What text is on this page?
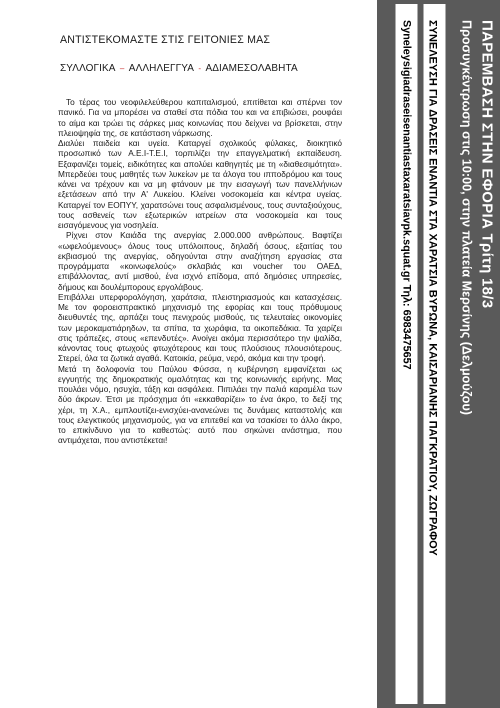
ΑΝΤΙΣΤΕΚΟΜΑΣΤΕ ΣΤΙΣ ΓΕΙΤΟΝΙΕΣ ΜΑΣ
ΣΥΛΛΟΓΙΚΑ – ΑΛΛΗΛΕΓΓΥΑ - ΑΔΙΑΜΕΣΟΛΑΒΗΤΑ

Το τέρας του νεοφιλελεύθερου καπιταλισμού, επιτίθεται και σπέρνει τον πανικό. Για να μπορέσει να σταθεί στα πόδια του και να επιβιώσει, ρουφάει το αίμα και τρώει τις σάρκες μιας κοινωνίας που δείχνει να βρίσκεται, στην πλειοψηφία της, σε κατάσταση νάρκωσης.

Διαλύει παιδεία και υγεία. Καταργεί σχολικούς φύλακες, διοικητικό προσωπικό των Α.Ε.Ι-Τ.Ε.Ι, τορπιλίζει την επαγγελματική εκπαίδευση. Εξαφανίζει τομείς, ειδικότητες και απολύει καθηγητές με τη «διαθεσιμότητα». Μπερδεύει τους μαθητές των λυκείων με τα άλογα του ιπποδρόμου και τους κάνει να τρέχουν και να μη φτάνουν με την εισαγωγή των πανελλήνιων εξετάσεων από την Α' Λυκείου. Κλείνει νοσοκομεία και κέντρα υγείας. Καταργεί τον ΕΟΠΥΥ, χαρατσώνει τους ασφαλισμένους, τους συνταξιούχους, τους ασθενείς των εξωτερικών ιατρείων στα νοσοκομεία και τους εισαγόμενους για νοσηλεία.

Ρίχνει στον Καιάδα της ανεργίας 2.000.000 ανθρώπους. Βαφτίζει «ωφελούμενους» όλους τους υπόλοιπους, δηλαδή όσους, εξαιτίας του εκβιασμού της ανεργίας, οδηγούνται στην αναζήτηση εργασίας στα προγράμματα «κοινωφελούς» σκλαβιάς και voucher του ΟΑΕΔ, επιβάλλοντας, αντί μισθού, ένα ισχνό επίδομα, από δημόσιες υπηρεσίες, δήμους και δουλέμπορους εργολάβους.

Επιβάλλει υπερφορολόγηση, χαράτσια, πλειστηριασμούς και κατασχέσεις. Με τον φοροεισπρακτικό μηχανισμό της εφορίας και τους πρόθυμους διευθυντές της, αρπάζει τους πενιχρούς μισθούς, τις τελευταίες οικονομίες των μεροκαματιάρηδων, τα σπίτια, τα χωράφια, τα οικοπεδάκια. Τα χαρίζει στις τράπεζες, στους «επενδυτές». Ανοίγει ακόμα περισσότερο την ψαλίδα, κάνοντας τους φτωχούς φτωχότερους και τους πλούσιους πλουσιότερους. Στερεί, όλα τα ζωτικά αγαθά. Κατοικία, ρεύμα, νερό, ακόμα και την τροφή.

Μετά τη δολοφονία του Παύλου Φύσσα, η κυβέρνηση εμφανίζεται ως εγγυητής της δημοκρατικής ομαλότητας και της κοινωνικής ειρήνης. Μας πουλάει νόμο, ησυχία, τάξη και ασφάλεια. Πιπιλάει την παλιά καραμέλα των δύο άκρων. Έτσι με πρόσχημα ότι «εκκαθαρίζει» το ένα άκρο, το δεξί της χέρι, τη Χ.Α., εμπλουτίζει-ενισχύει-ανανεώνει τις δυνάμεις καταστολής και τους ελεγκτικούς μηχανισμούς, για να επιτεθεί και να τσακίσει το άλλο άκρο, το επικίνδυνο για το καθεστώς: αυτό που σηκώνει ανάστημα, που αντιμάχεται, που αντιστέκεται!

ΠΑΡΕΜΒΑΣΗ ΣΤΗΝ ΕΦΟΡΙΑ Τρίτη 18/3
Προσυγκέντρωση στις 10:00, στην πλατεία Μερσίνης (Δελμούζου)
ΣΥΝΕΛΕΥΣΗ ΓΙΑ ΔΡΑΣΕΙΣ ΕΝΑΝΤΙΑ ΣΤΑ ΧΑΡΑΤΣΙΑ ΒΥΡΩΝΑ, ΚΑΙΣΑΡΙΑΝΗΣ ΠΑΓΚΡΑΤΙΟΥ, ΖΩΓΡΑΦΟΥ
Syneleysigiadraseisenantiastaxaratsiavpk.squat.gr Τηλ: 6983475657
